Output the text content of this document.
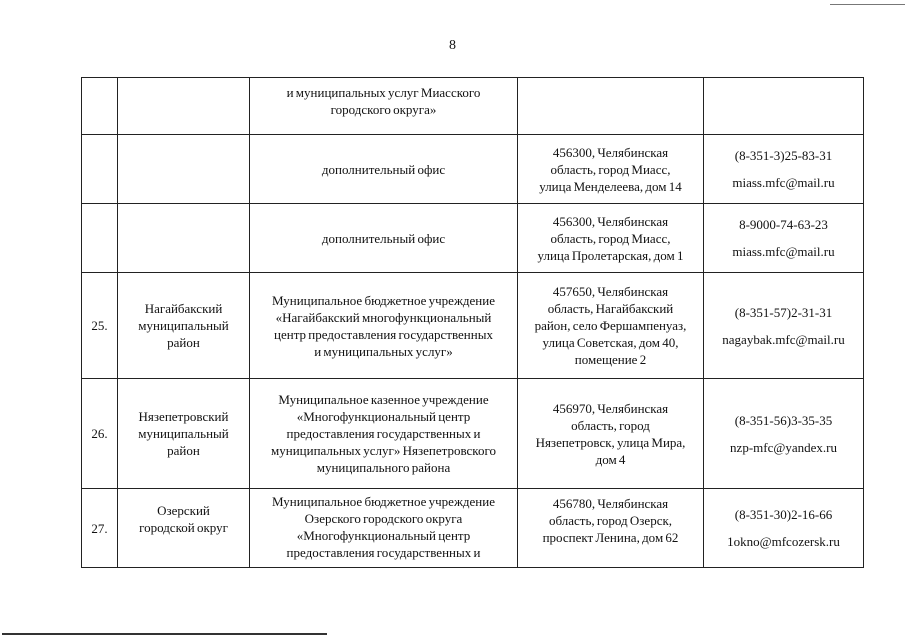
8
		и муниципальных услуг Миасского
городского округа»		
		дополнительный офис	456300, Челябинская
область, город Миасс,
улица Менделеева, дом 14	(8-351-3)25-83-31
miass.mfc@mail.ru
		дополнительный офис	456300, Челябинская
область, город Миасс,
улица Пролетарская, дом 1	8-9000-74-63-23
miass.mfc@mail.ru
25.	Нагайбакский
муниципальный
район	Муниципальное бюджетное учреждение
«Нагайбакский многофункциональный
центр предоставления государственных
и муниципальных услуг»	457650, Челябинская
область, Нагайбакский
район, село Фершампенуаз,
улица Советская, дом 40,
помещение 2	(8-351-57)2-31-31
nagaybak.mfc@mail.ru
26.	Нязепетровский
муниципальный
район	Муниципальное казенное учреждение
«Многофункциональный центр
предоставления государственных и
муниципальных услуг» Нязепетровского
муниципального района	456970, Челябинская
область, город
Нязепетровск, улица Мира,
дом 4	(8-351-56)3-35-35
nzp-mfc@yandex.ru
27.	Озерский
городской округ	Муниципальное бюджетное учреждение
Озерского городского округа
«Многофункциональный центр
предоставления государственных и	456780, Челябинская
область, город Озерск,
проспект Ленина, дом 62	(8-351-30)2-16-66
1okno@mfcozersk.ru
